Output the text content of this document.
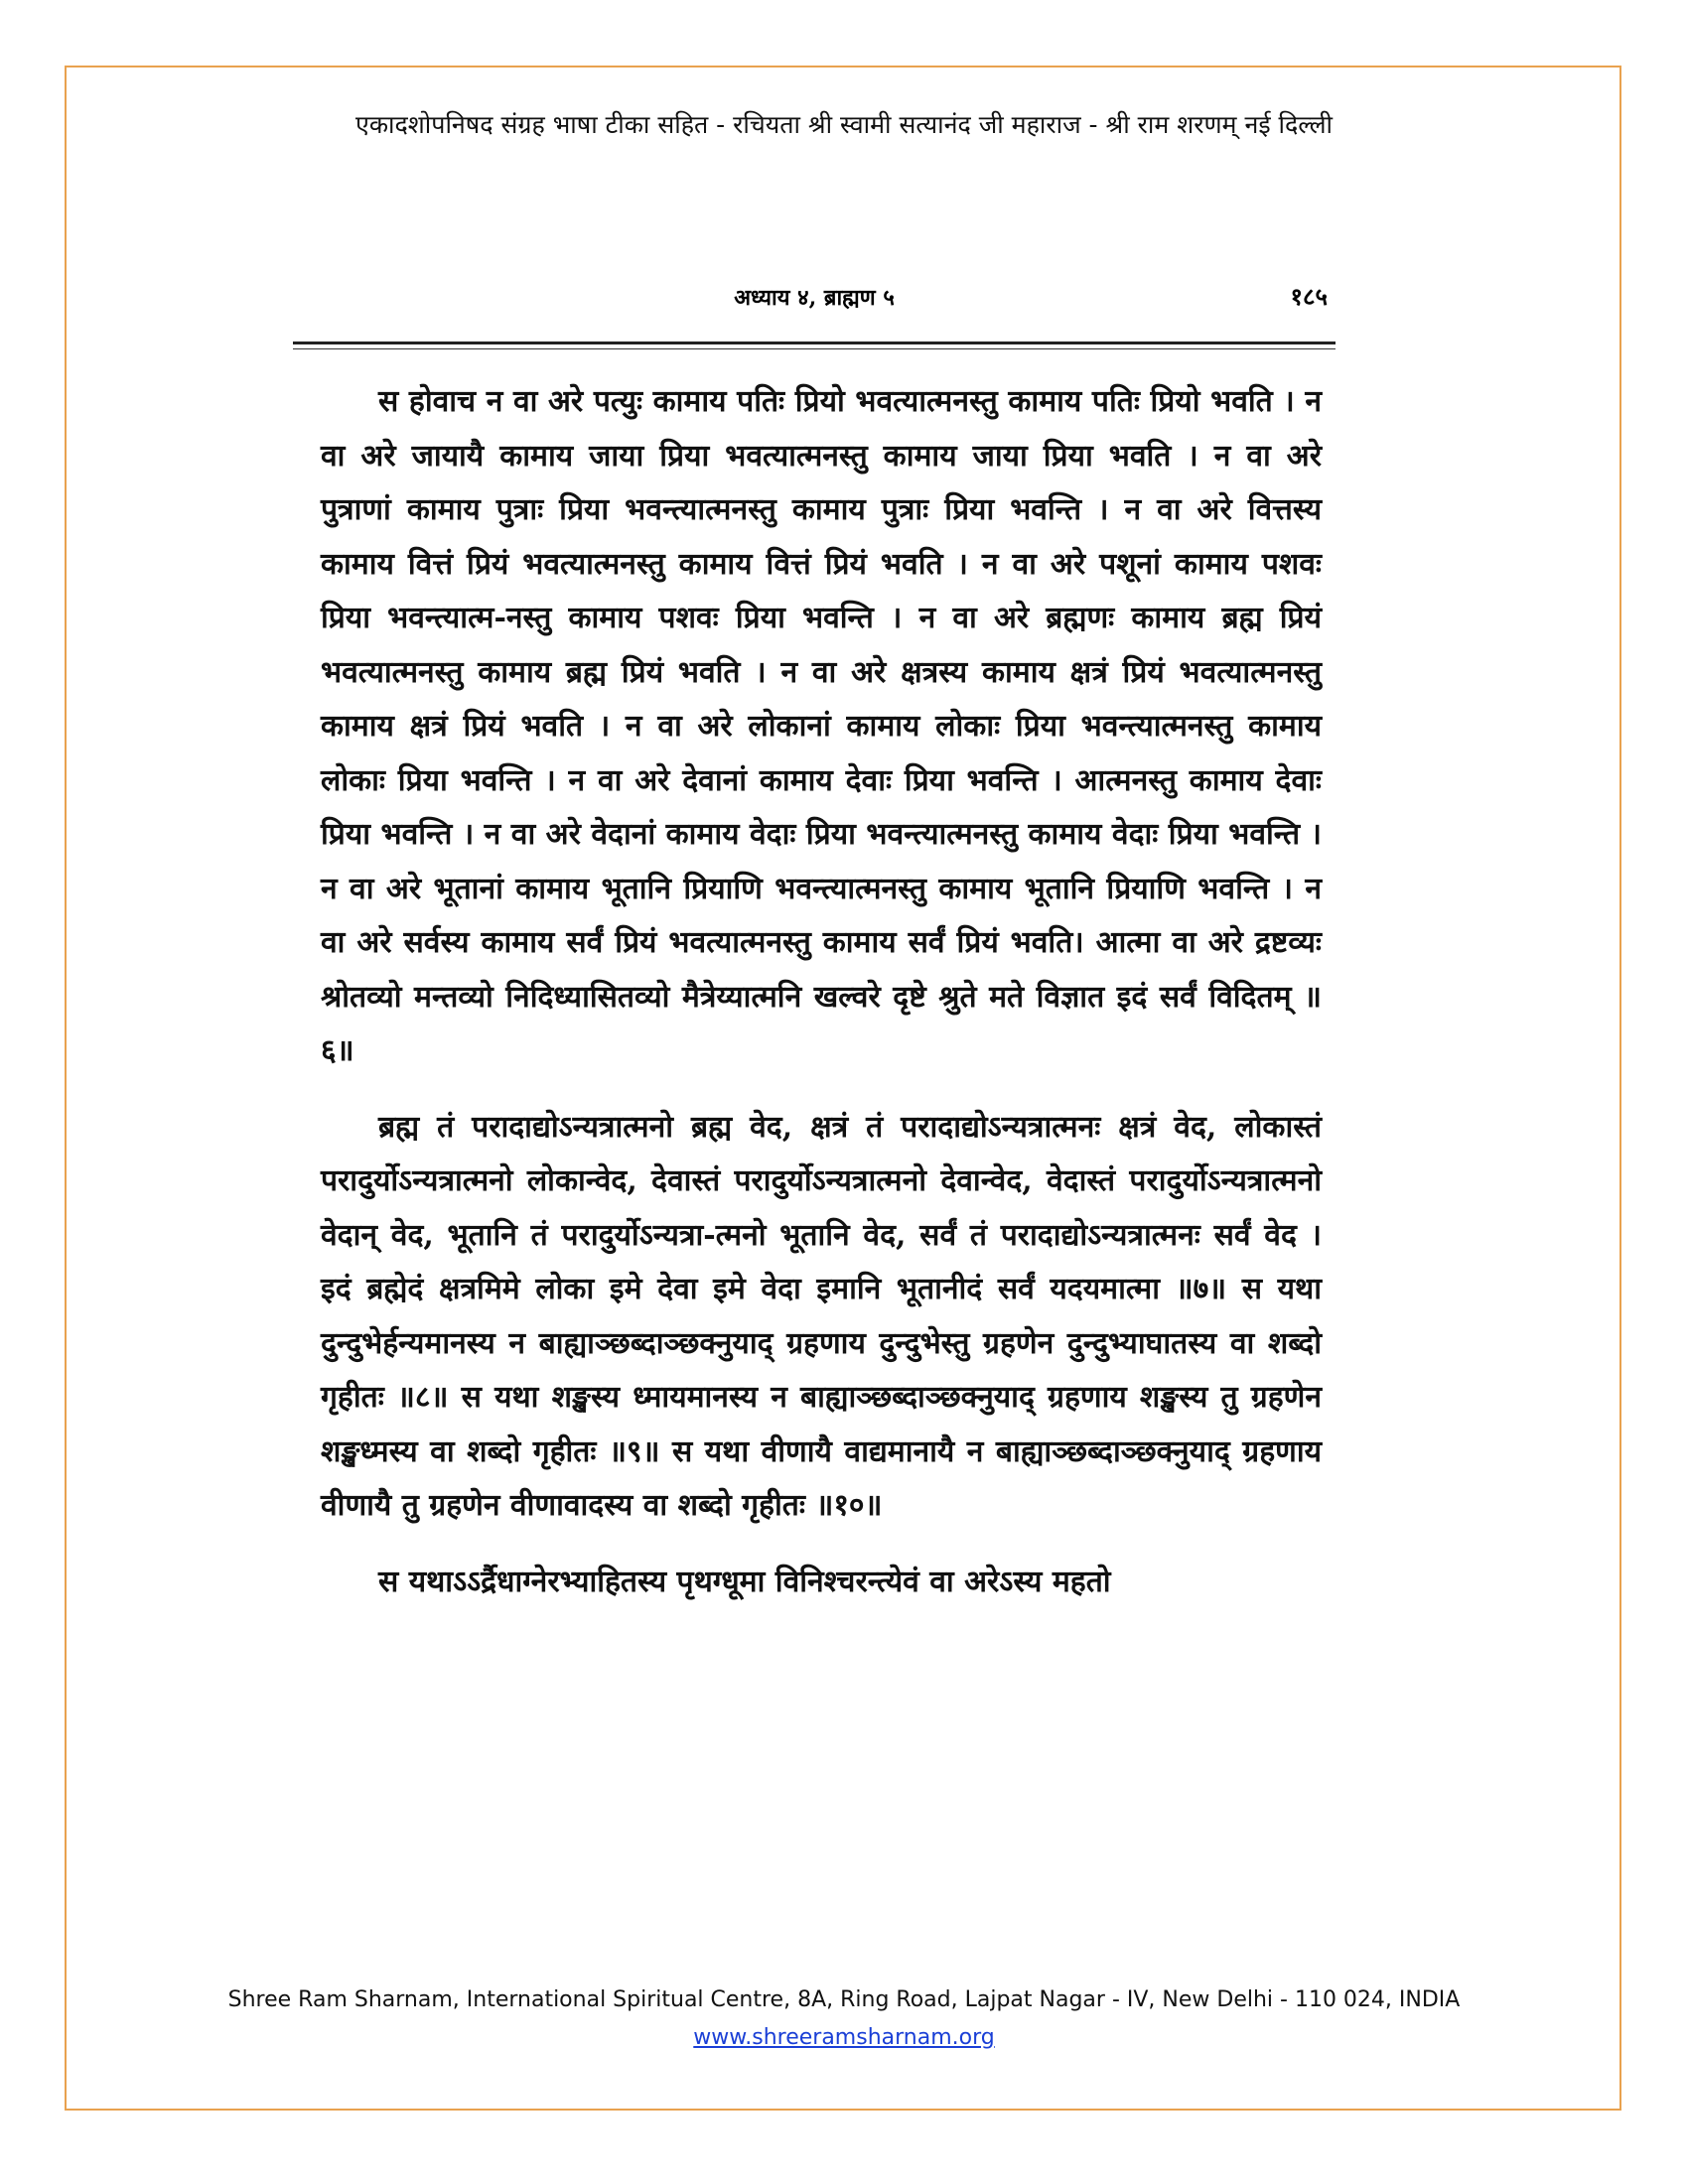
एकादशोपनिषद संग्रह भाषा टीका सहित - रचियता श्री स्वामी सत्यानंद जी महाराज - श्री राम शरणम् नई दिल्ली
अध्याय ४, ब्राह्मण ५	१८५

स होवाच न वा अरे पत्युः कामाय पतिः प्रियो भवत्यात्मनस्तु कामाय पतिः प्रियो भवति । न वा अरे जायायै कामाय जाया प्रिया भवत्यात्मनस्तु कामाय जाया प्रिया भवति । न वा अरे पुत्राणां कामाय पुत्राः प्रिया भवन्त्यात्मनस्तु कामाय पुत्राः प्रिया भवन्ति । न वा अरे वित्तस्य कामाय वित्तं प्रियं भवत्यात्मनस्तु कामाय वित्तं प्रियं भवति । न वा अरे पशूनां कामाय पशवः प्रिया भवन्त्यात्म-नस्तु कामाय पशवः प्रिया भवन्ति । न वा अरे ब्रह्मणः कामाय ब्रह्म प्रियं भवत्यात्मनस्तु कामाय ब्रह्म प्रियं भवति । न वा अरे क्षत्रस्य कामाय क्षत्रं प्रियं भवत्यात्मनस्तु कामाय क्षत्रं प्रियं भवति । न वा अरे लोकानां कामाय लोकाः प्रिया भवन्त्यात्मनस्तु कामाय लोकाः प्रिया भवन्ति । न वा अरे देवानां कामाय देवाः प्रिया भवन्ति । आत्मनस्तु कामाय देवाः प्रिया भवन्ति । न वा अरे वेदानां कामाय वेदाः प्रिया भवन्त्यात्मनस्तु कामाय वेदाः प्रिया भवन्ति । न वा अरे भूतानां कामाय भूतानि प्रियाणि भवन्त्यात्मनस्तु कामाय भूतानि प्रियाणि भवन्ति । न वा अरे सर्वस्य कामाय सर्वं प्रियं भवत्यात्मनस्तु कामाय सर्वं प्रियं भवति। आत्मा वा अरे द्रष्टव्यः श्रोतव्यो मन्तव्यो निदिध्यासितव्यो मैत्रेय्यात्मनि खल्वरे दृष्टे श्रुते मते विज्ञात इदं सर्वं विदितम् ॥६॥

ब्रह्म तं परादाद्योऽन्यत्रात्मनो ब्रह्म वेद, क्षत्रं तं परादाद्योऽन्यत्रात्मनः क्षत्रं वेद, लोकास्तं परादुर्योऽन्यत्रात्मनो लोकान्वेद, देवास्तं परादुर्योऽन्यत्रात्मनो देवान्वेद, वेदास्तं परादुर्योऽन्यत्रात्मनो वेदान् वेद, भूतानि तं परादुर्योऽन्यत्रा-त्मनो भूतानि वेद, सर्वं तं परादाद्योऽन्यत्रात्मनः सर्वं वेद । इदं ब्रह्मेदं क्षत्रमिमे लोका इमे देवा इमे वेदा इमानि भूतानीदं सर्वं यदयमात्मा ॥७॥ स यथा दुन्दुभेर्हन्यमानस्य न बाह्याञ्छब्दाञ्छक्नुयाद् ग्रहणाय दुन्दुभेस्तु ग्रहणेन दुन्दुभ्याघातस्य वा शब्दो गृहीतः ॥८॥ स यथा शङ्खस्य ध्मायमानस्य न बाह्याञ्छब्दाञ्छक्नुयाद् ग्रहणाय शङ्खस्य तु ग्रहणेन शङ्खध्मस्य वा शब्दो गृहीतः ॥९॥ स यथा वीणायै वाद्यमानायै न बाह्याञ्छब्दाञ्छक्नुयाद् ग्रहणाय वीणायै तु ग्रहणेन वीणावादस्य वा शब्दो गृहीतः ॥१०॥

स यथाऽऽर्द्रैधाग्नेरभ्याहितस्य पृथग्धूमा विनिश्चरन्त्येवं वा अरेऽस्य महतो

Shree Ram Sharnam, International Spiritual Centre, 8A, Ring Road, Lajpat Nagar - IV, New Delhi - 110 024, INDIA
www.shreeramsharnam.org
